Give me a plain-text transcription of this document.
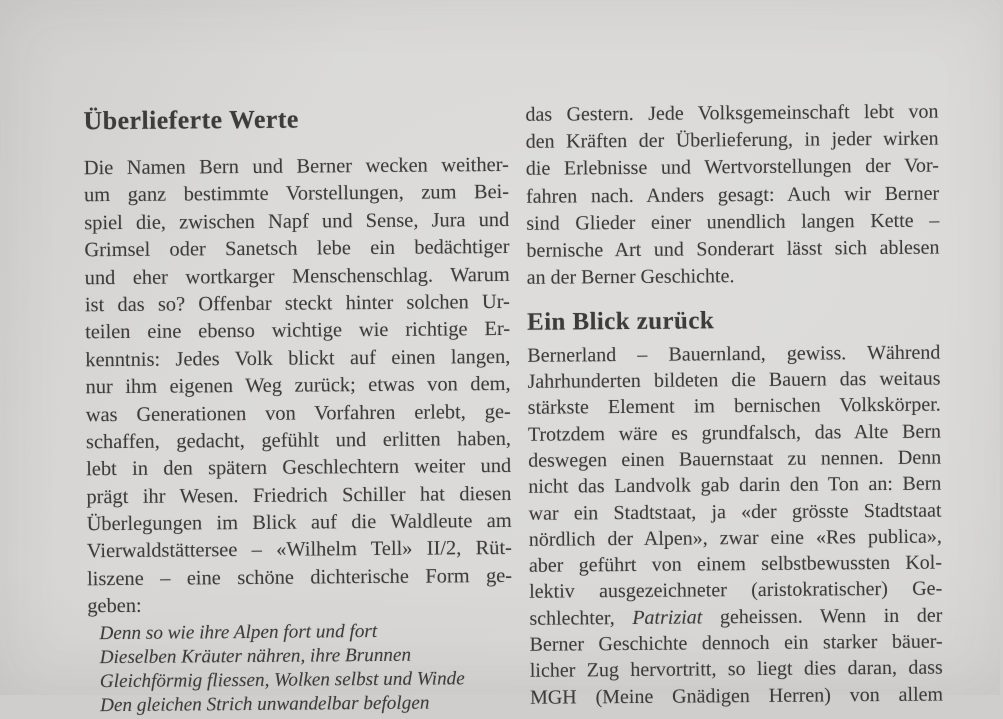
Überlieferte Werte
Die Namen Bern und Berner wecken weither-
um ganz bestimmte Vorstellungen, zum Bei-
spiel die, zwischen Napf und Sense, Jura und
Grimsel oder Sanetsch lebe ein bedächtiger
und eher wortkarger Menschenschlag. Warum
ist das so? Offenbar steckt hinter solchen Ur-
teilen eine ebenso wichtige wie richtige Er-
kenntnis: Jedes Volk blickt auf einen langen,
nur ihm eigenen Weg zurück; etwas von dem,
was Generationen von Vorfahren erlebt, ge-
schaffen, gedacht, gefühlt und erlitten haben,
lebt in den spätern Geschlechtern weiter und
prägt ihr Wesen. Friedrich Schiller hat diesen
Überlegungen im Blick auf die Waldleute am
Vierwaldstättersee – «Wilhelm Tell» II/2, Rüt-
liszene – eine schöne dichterische Form ge-
geben:
Denn so wie ihre Alpen fort und fort
Dieselben Kräuter nähren, ihre Brunnen
Gleichförmig fliessen, Wolken selbst und Winde
Den gleichen Strich unwandelbar befolgen
das Gestern. Jede Volksgemeinschaft lebt von
den Kräften der Überlieferung, in jeder wirken
die Erlebnisse und Wertvorstellungen der Vor-
fahren nach. Anders gesagt: Auch wir Berner
sind Glieder einer unendlich langen Kette –
bernische Art und Sonderart lässt sich ablesen
an der Berner Geschichte.
Ein Blick zurück
Bernerland – Bauernland, gewiss. Während
Jahrhunderten bildeten die Bauern das weitaus
stärkste Element im bernischen Volkskörper.
Trotzdem wäre es grundfalsch, das Alte Bern
deswegen einen Bauernstaat zu nennen. Denn
nicht das Landvolk gab darin den Ton an: Bern
war ein Stadtstaat, ja «der grösste Stadtstaat
nördlich der Alpen», zwar eine «Res publica»,
aber geführt von einem selbstbewussten Kol-
lektiv ausgezeichneter (aristokratischer) Ge-
schlechter, Patriziat geheissen. Wenn in der
Berner Geschichte dennoch ein starker bäuer-
licher Zug hervortritt, so liegt dies daran, dass
MGH (Meine Gnädigen Herren) von allem
